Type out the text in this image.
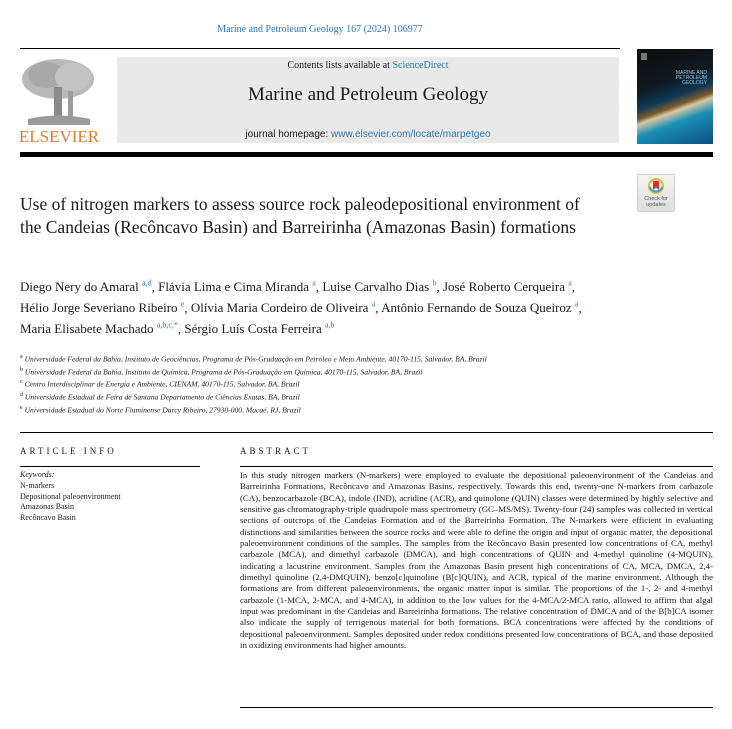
Marine and Petroleum Geology 167 (2024) 106977
ELSEVIER
Contents lists available at ScienceDirect
Marine and Petroleum Geology
journal homepage: www.elsevier.com/locate/marpetgeo
MARINE AND PETROLEUM GEOLOGY
Check for updates
Use of nitrogen markers to assess source rock paleodepositional environment of the Candeias (Recôncavo Basin) and Barreirinha (Amazonas Basin) formations
Diego Nery do Amaral $^{a,d}$, Flávia Lima e Cima Miranda $^a$, Luise Carvalho Dias $^b$, José Roberto Cerqueira $^a$, Hélio Jorge Severiano Ribeiro $^e$, Olívia Maria Cordeiro de Oliveira $^a$, Antônio Fernando de Souza Queiroz $^a$, Maria Elisabete Machado $^{a,b,c,*}$, Sérgio Luís Costa Ferreira $^{a,b}$
$^a$ Universidade Federal da Bahia, Instituto de Geociências, Programa de Pós-Graduação em Petróleo e Meio Ambiente, 40170-115, Salvador, BA, Brazil
$^b$ Universidade Federal da Bahia, Instituto de Química, Programa de Pós-Graduação em Química, 40170-115, Salvador, BA, Brazil
$^c$ Centro Interdisciplinar de Energia e Ambiente, CIENAM, 40170-115, Salvador, BA, Brazil
$^d$ Universidade Estadual de Feira de Santana Departamento de Ciências Exatas, BA, Brazil
$^e$ Universidade Estadual do Norte Fluminense Darcy Ribeiro, 27930-000, Macaé, RJ, Brazil
ARTICLE INFO
Keywords:
N-markers
Depositional paleoenvironment
Amazonas Basin
Recôncavo Basin
ABSTRACT
In this study nitrogen markers (N-markers) were employed to evaluate the depositional paleoenvironment of the Candeias and Barreirinha Formations, Recôncavo and Amazonas Basins, respectively. Towards this end, twenty-one N-markers from carbazole (CA), benzocarbazole (BCA), indole (IND), acridine (ACR), and quinolone (QUIN) classes were determined by highly selective and sensitive gas chromatography-triple quadrupole mass spectrometry (GC–MS/MS). Twenty-four (24) samples was collected in vertical sections of outcrops of the Candeias Formation and of the Barreirinha Formation. The N-markers were efficient in evaluating distinctions and similarities between the source rocks and were able to define the origin and input of organic matter, the depositional paleoenvironment conditions of the samples. The samples from the Recôncavo Basin presented low concentrations of CA, methyl carbazole (MCA), and dimethyl carbazole (DMCA), and high concentrations of QUIN and 4-methyl quinoline (4-MQUIN), indicating a lacustrine environment. Samples from the Amazonas Basin present high concentrations of CA, MCA, DMCA, 2,4-dimethyl quinoline (2,4-DMQUIN), benzo[c]quinoline (B[c]QUIN), and ACR, typical of the marine environment. Although the formations are from different paleoenvironments, the organic matter input is similar. The proportions of the 1-, 2- and 4-methyl carbazole (1-MCA, 2-MCA, and 4-MCA), in addition to the low values for the 4-MCA/2-MCA ratio, allowed to affirm that algal input was predominant in the Candeias and Barreirinha formations. The relative concentration of DMCA and of the B[b]CA isomer also indicate the supply of terrigenous material for both formations. BCA concentrations were affected by the conditions of depositional paleoenvironment. Samples deposited under redox conditions presented low concentrations of BCA, and those deposited in oxidizing environments had higher amounts.
